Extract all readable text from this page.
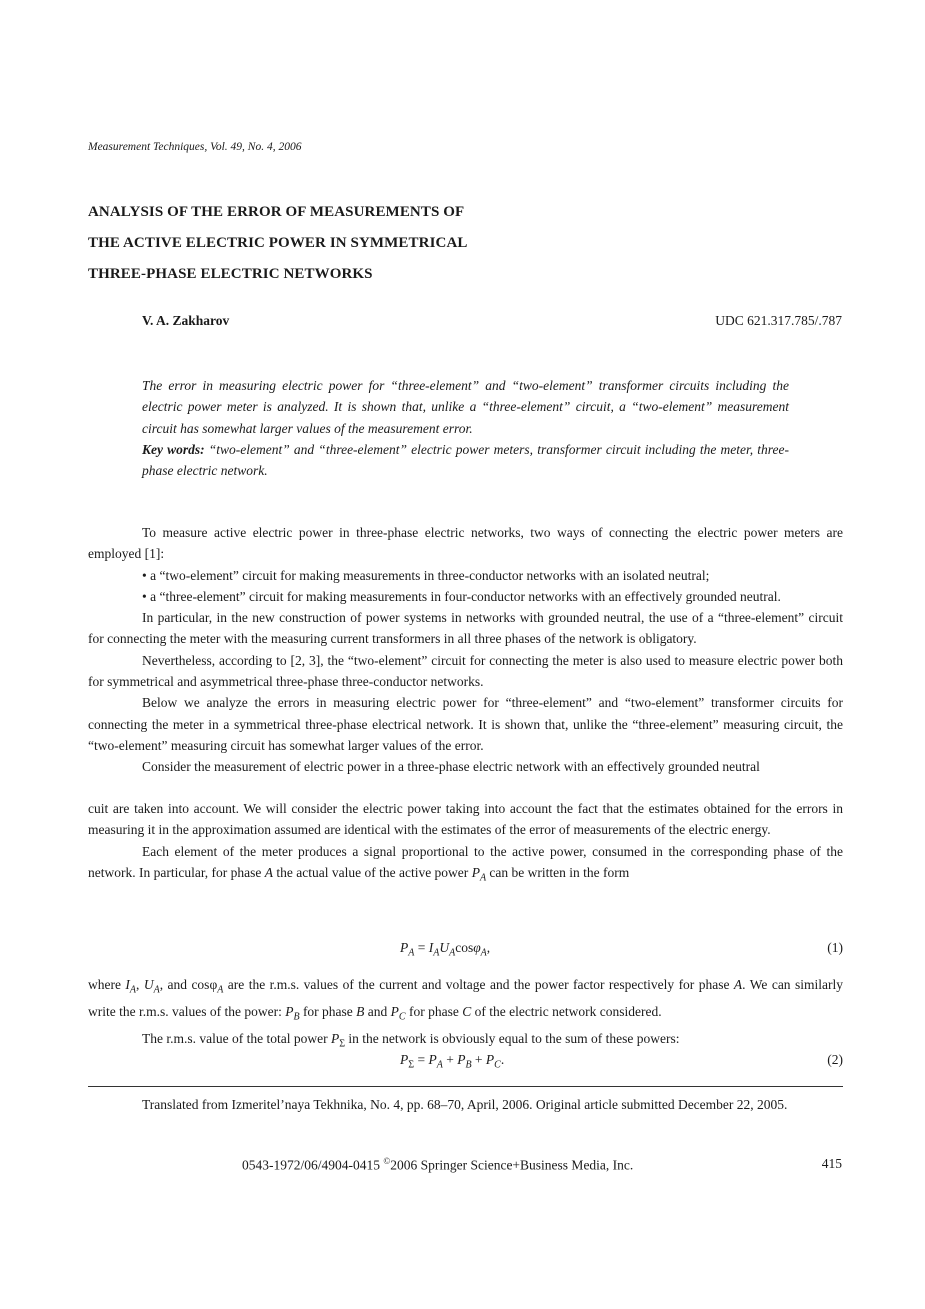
Measurement Techniques, Vol. 49, No. 4, 2006
ANALYSIS OF THE ERROR OF MEASUREMENTS OF
THE ACTIVE ELECTRIC POWER IN SYMMETRICAL
THREE-PHASE ELECTRIC NETWORKS
V. A. Zakharov	UDC 621.317.785/.787
The error in measuring electric power for “three-element” and “two-element” transformer circuits including the electric power meter is analyzed. It is shown that, unlike a “three-element” circuit, a “two-element” measurement circuit has somewhat larger values of the measurement error.
Key words: “two-element” and “three-element” electric power meters, transformer circuit including the meter, three-phase electric network.

To measure active electric power in three-phase electric networks, two ways of connecting the electric power meters are employed [1]:

• a “two-element” circuit for making measurements in three-conductor networks with an isolated neutral;

• a “three-element” circuit for making measurements in four-conductor networks with an effectively grounded neutral.

In particular, in the new construction of power systems in networks with grounded neutral, the use of a “three-element” circuit for connecting the meter with the measuring current transformers in all three phases of the network is obligatory.

Nevertheless, according to [2, 3], the “two-element” circuit for connecting the meter is also used to measure electric power both for symmetrical and asymmetrical three-phase three-conductor networks.

Below we analyze the errors in measuring electric power for “three-element” and “two-element” transformer circuits for connecting the meter in a symmetrical three-phase electrical network. It is shown that, unlike the “three-element” measuring circuit, the “two-element” measuring circuit has somewhat larger values of the error.

Consider the measurement of electric power in a three-phase electric network with an effectively grounded neutral

cuit are taken into account. We will consider the electric power taking into account the fact that the estimates obtained for the errors in measuring it in the approximation assumed are identical with the estimates of the error of measurements of the electric energy.

Each element of the meter produces a signal proportional to the active power, consumed in the corresponding phase of the network. In particular, for phase A the actual value of the active power $P_A$ can be written in the form

$P_A = I_AU_A\cos\varphi_A$,	(1)

where $I_A$, $U_A$, and cosφ$_A$ are the r.m.s. values of the current and voltage and the power factor respectively for phase A. We can similarly write the r.m.s. values of the power: $P_B$ for phase B and $P_C$ for phase C of the electric network considered.

The r.m.s. value of the total power $P_\Sigma$ in the network is obviously equal to the sum of these powers:

$P_\Sigma = P_A + P_B + P_C$.	(2)
Translated from Izmeritel’naya Tekhnika, No. 4, pp. 68–70, April, 2006. Original article submitted December 22, 2005.
0543-1972/06/4904-0415 ©2006 Springer Science+Business Media, Inc.	415
